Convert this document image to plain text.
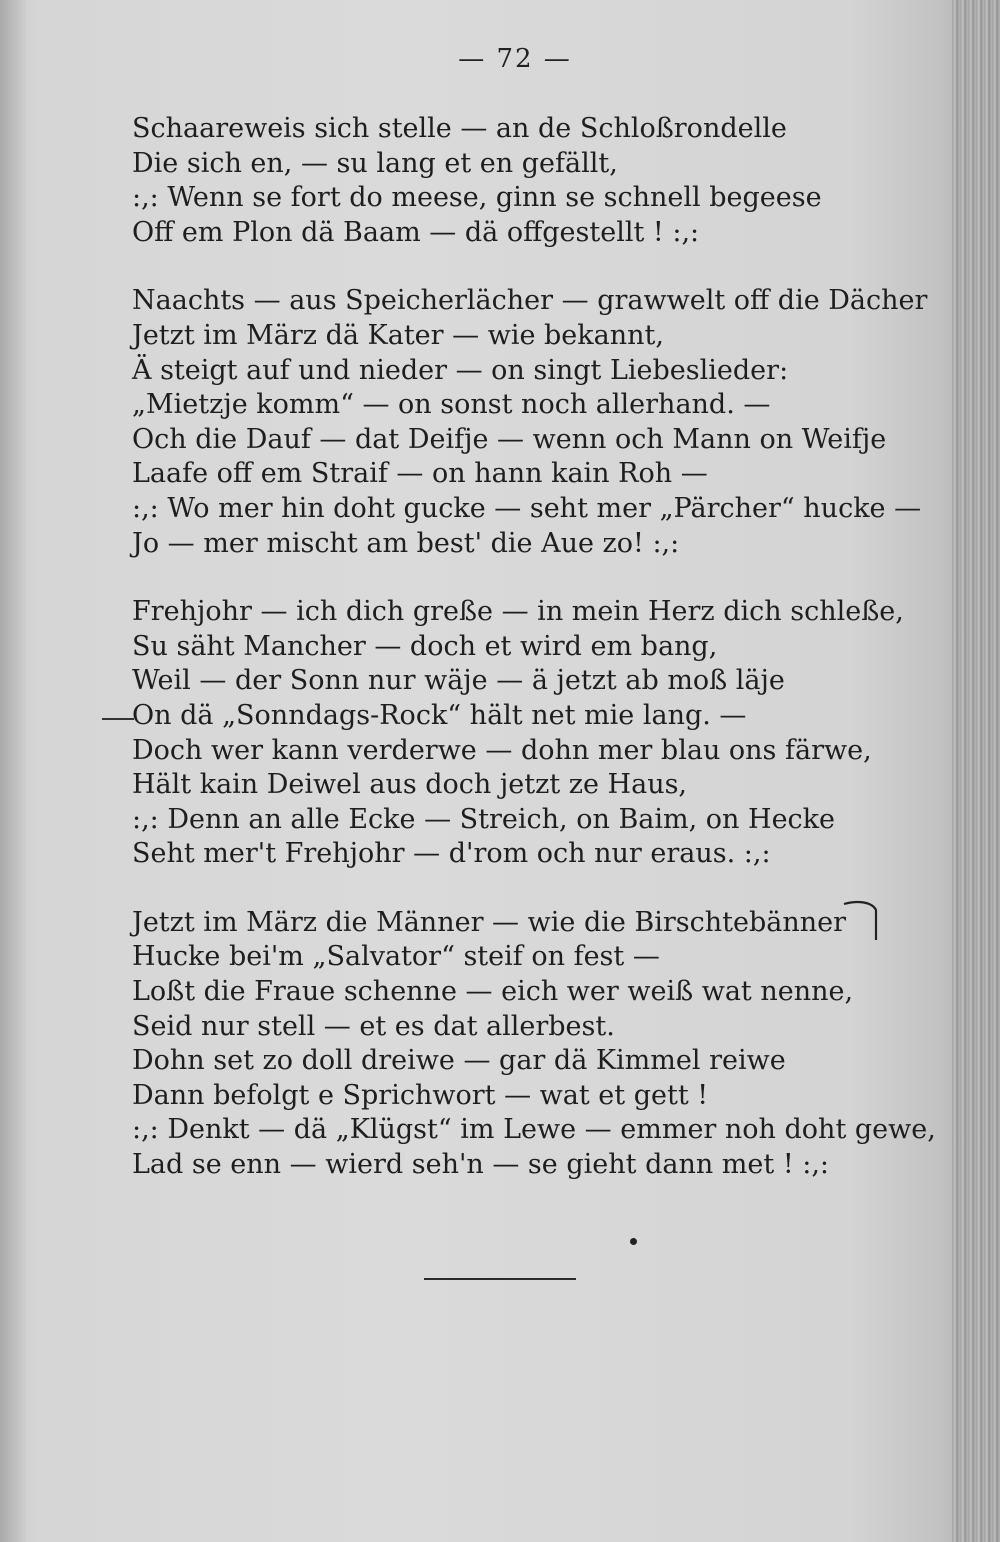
— 72 —
Schaareweis sich stelle — an de Schloßrondelle
Die sich en, — su lang et en gefällt,
:,: Wenn se fort do meese, ginn se schnell begeese
Off em Plon dä Baam — dä offgestellt ! :,:
Naachts — aus Speicherlächer — grawwelt off die Dächer
Jetzt im März dä Kater — wie bekannt,
Ä steigt auf und nieder — on singt Liebeslieder:
„Mietzje komm“ — on sonst noch allerhand. —
Och die Dauf — dat Deifje — wenn och Mann on Weifje
Laafe off em Straif — on hann kain Roh —
:,: Wo mer hin doht gucke — seht mer „Pärcher“ hucke —
Jo — mer mischt am best' die Aue zo! :,:
Frehjohr — ich dich greße — in mein Herz dich schleße,
Su säht Mancher — doch et wird em bang,
Weil — der Sonn nur wäje — ä jetzt ab moß läje
On dä „Sonndags-Rock“ hält net mie lang. —
Doch wer kann verderwe — dohn mer blau ons färwe,
Hält kain Deiwel aus doch jetzt ze Haus,
:,: Denn an alle Ecke — Streich, on Baim, on Hecke
Seht mer't Frehjohr — d'rom och nur eraus. :,:
Jetzt im März die Männer — wie die Birschtebänner
Hucke bei'm „Salvator“ steif on fest —
Loßt die Fraue schenne — eich wer weiß wat nenne,
Seid nur stell — et es dat allerbest.
Dohn set zo doll dreiwe — gar dä Kimmel reiwe
Dann befolgt e Sprichwort — wat et gett !
:,: Denkt — dä „Klügst“ im Lewe — emmer noh doht gewe,
Lad se enn — wierd seh'n — se gieht dann met ! :,:
